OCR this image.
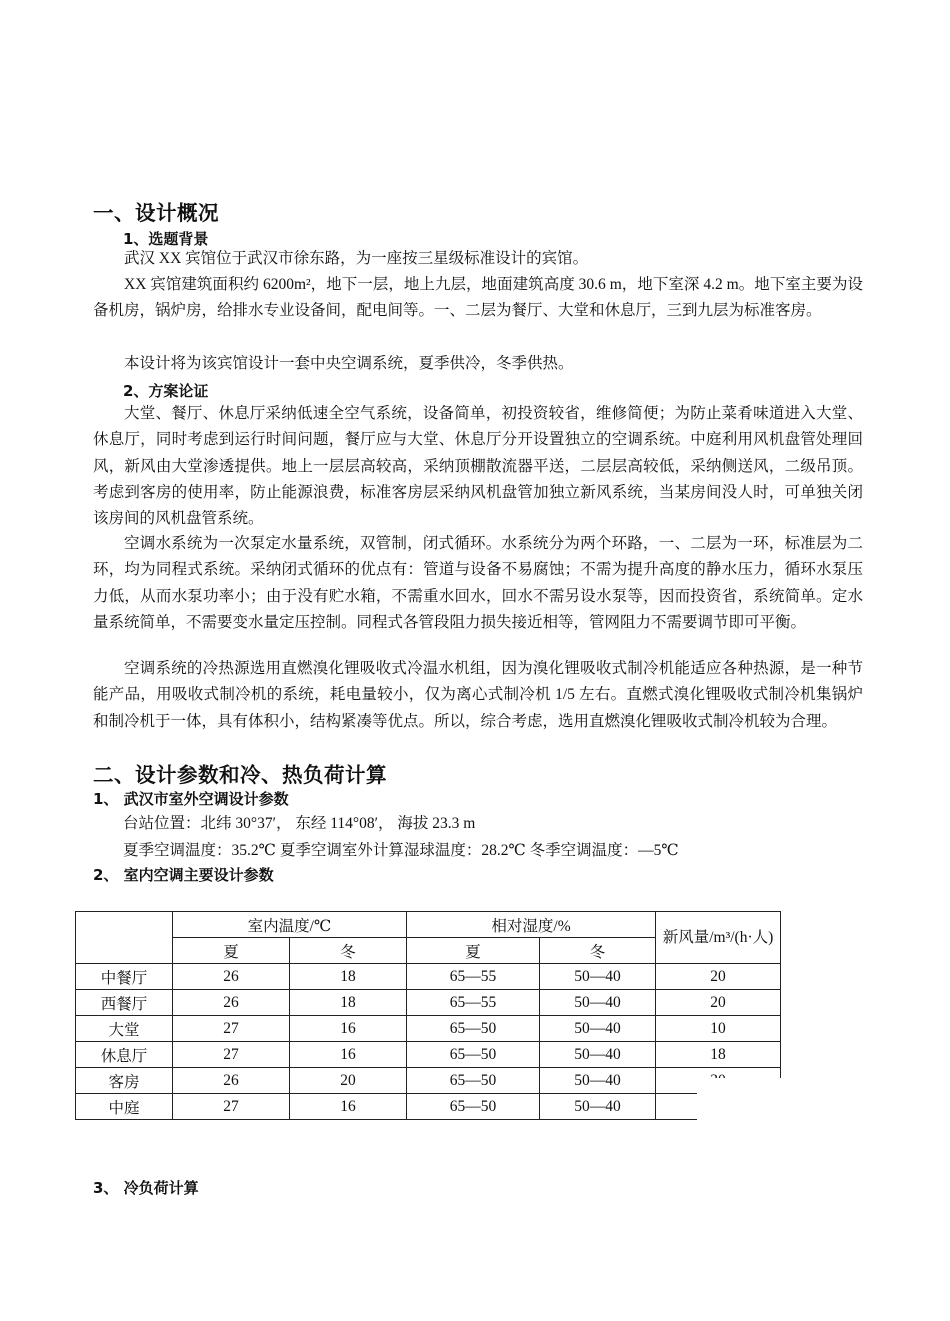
一、设计概况
1、选题背景

武汉 XX 宾馆位于武汉市徐东路，为一座按三星级标准设计的宾馆。

XX 宾馆建筑面积约 6200m²，地下一层，地上九层，地面建筑高度 30.6 m，地下室深 4.2 m。地下室主要为设备机房，锅炉房，给排水专业设备间，配电间等。一、二层为餐厅、大堂和休息厅，三到九层为标准客房。

本设计将为该宾馆设计一套中央空调系统，夏季供冷，冬季供热。

2、方案论证

大堂、餐厅、休息厅采纳低速全空气系统，设备简单，初投资较省，维修简便；为防止菜肴味道进入大堂、休息厅，同时考虑到运行时间问题，餐厅应与大堂、休息厅分开设置独立的空调系统。中庭利用风机盘管处理回风，新风由大堂渗透提供。地上一层层高较高，采纳顶棚散流器平送，二层层高较低，采纳侧送风，二级吊顶。考虑到客房的使用率，防止能源浪费，标准客房层采纳风机盘管加独立新风系统，当某房间没人时，可单独关闭该房间的风机盘管系统。

空调水系统为一次泵定水量系统，双管制，闭式循环。水系统分为两个环路，一、二层为一环，标准层为二环，均为同程式系统。采纳闭式循环的优点有：管道与设备不易腐蚀；不需为提升高度的静水压力，循环水泵压力低，从而水泵功率小；由于没有贮水箱，不需重水回水，回水不需另设水泵等，因而投资省，系统简单。定水量系统简单，不需要变水量定压控制。同程式各管段阻力损失接近相等，管网阻力不需要调节即可平衡。

空调系统的冷热源选用直燃溴化锂吸收式冷温水机组，因为溴化锂吸收式制冷机能适应各种热源，是一种节能产品，用吸收式制冷机的系统，耗电量较小，仅为离心式制冷机 1/5 左右。直燃式溴化锂吸收式制冷机集锅炉和制冷机于一体，具有体积小，结构紧凑等优点。所以，综合考虑，选用直燃溴化锂吸收式制冷机较为合理。

二、设计参数和冷、热负荷计算
1、 武汉市室外空调设计参数
台站位置：北纬 30°37′， 东经 114°08′， 海拔 23.3 m
夏季空调温度：35.2℃ 夏季空调室外计算湿球温度：28.2℃ 冬季空调温度：—5℃
2、 室内空调主要设计参数
	室内温度/℃		相对湿度/%		新风量/m³/(h·人)
	夏	冬	夏	冬	
中餐厅	26	18	65—55	50—40	20
西餐厅	26	18	65—55	50—40	20
大堂	27	16	65—50	50—40	10
休息厅	27	16	65—50	50—40	18
客房	26	20	65—50	50—40	
中庭	27	16	65—50	50—40	
3、 冷负荷计算
